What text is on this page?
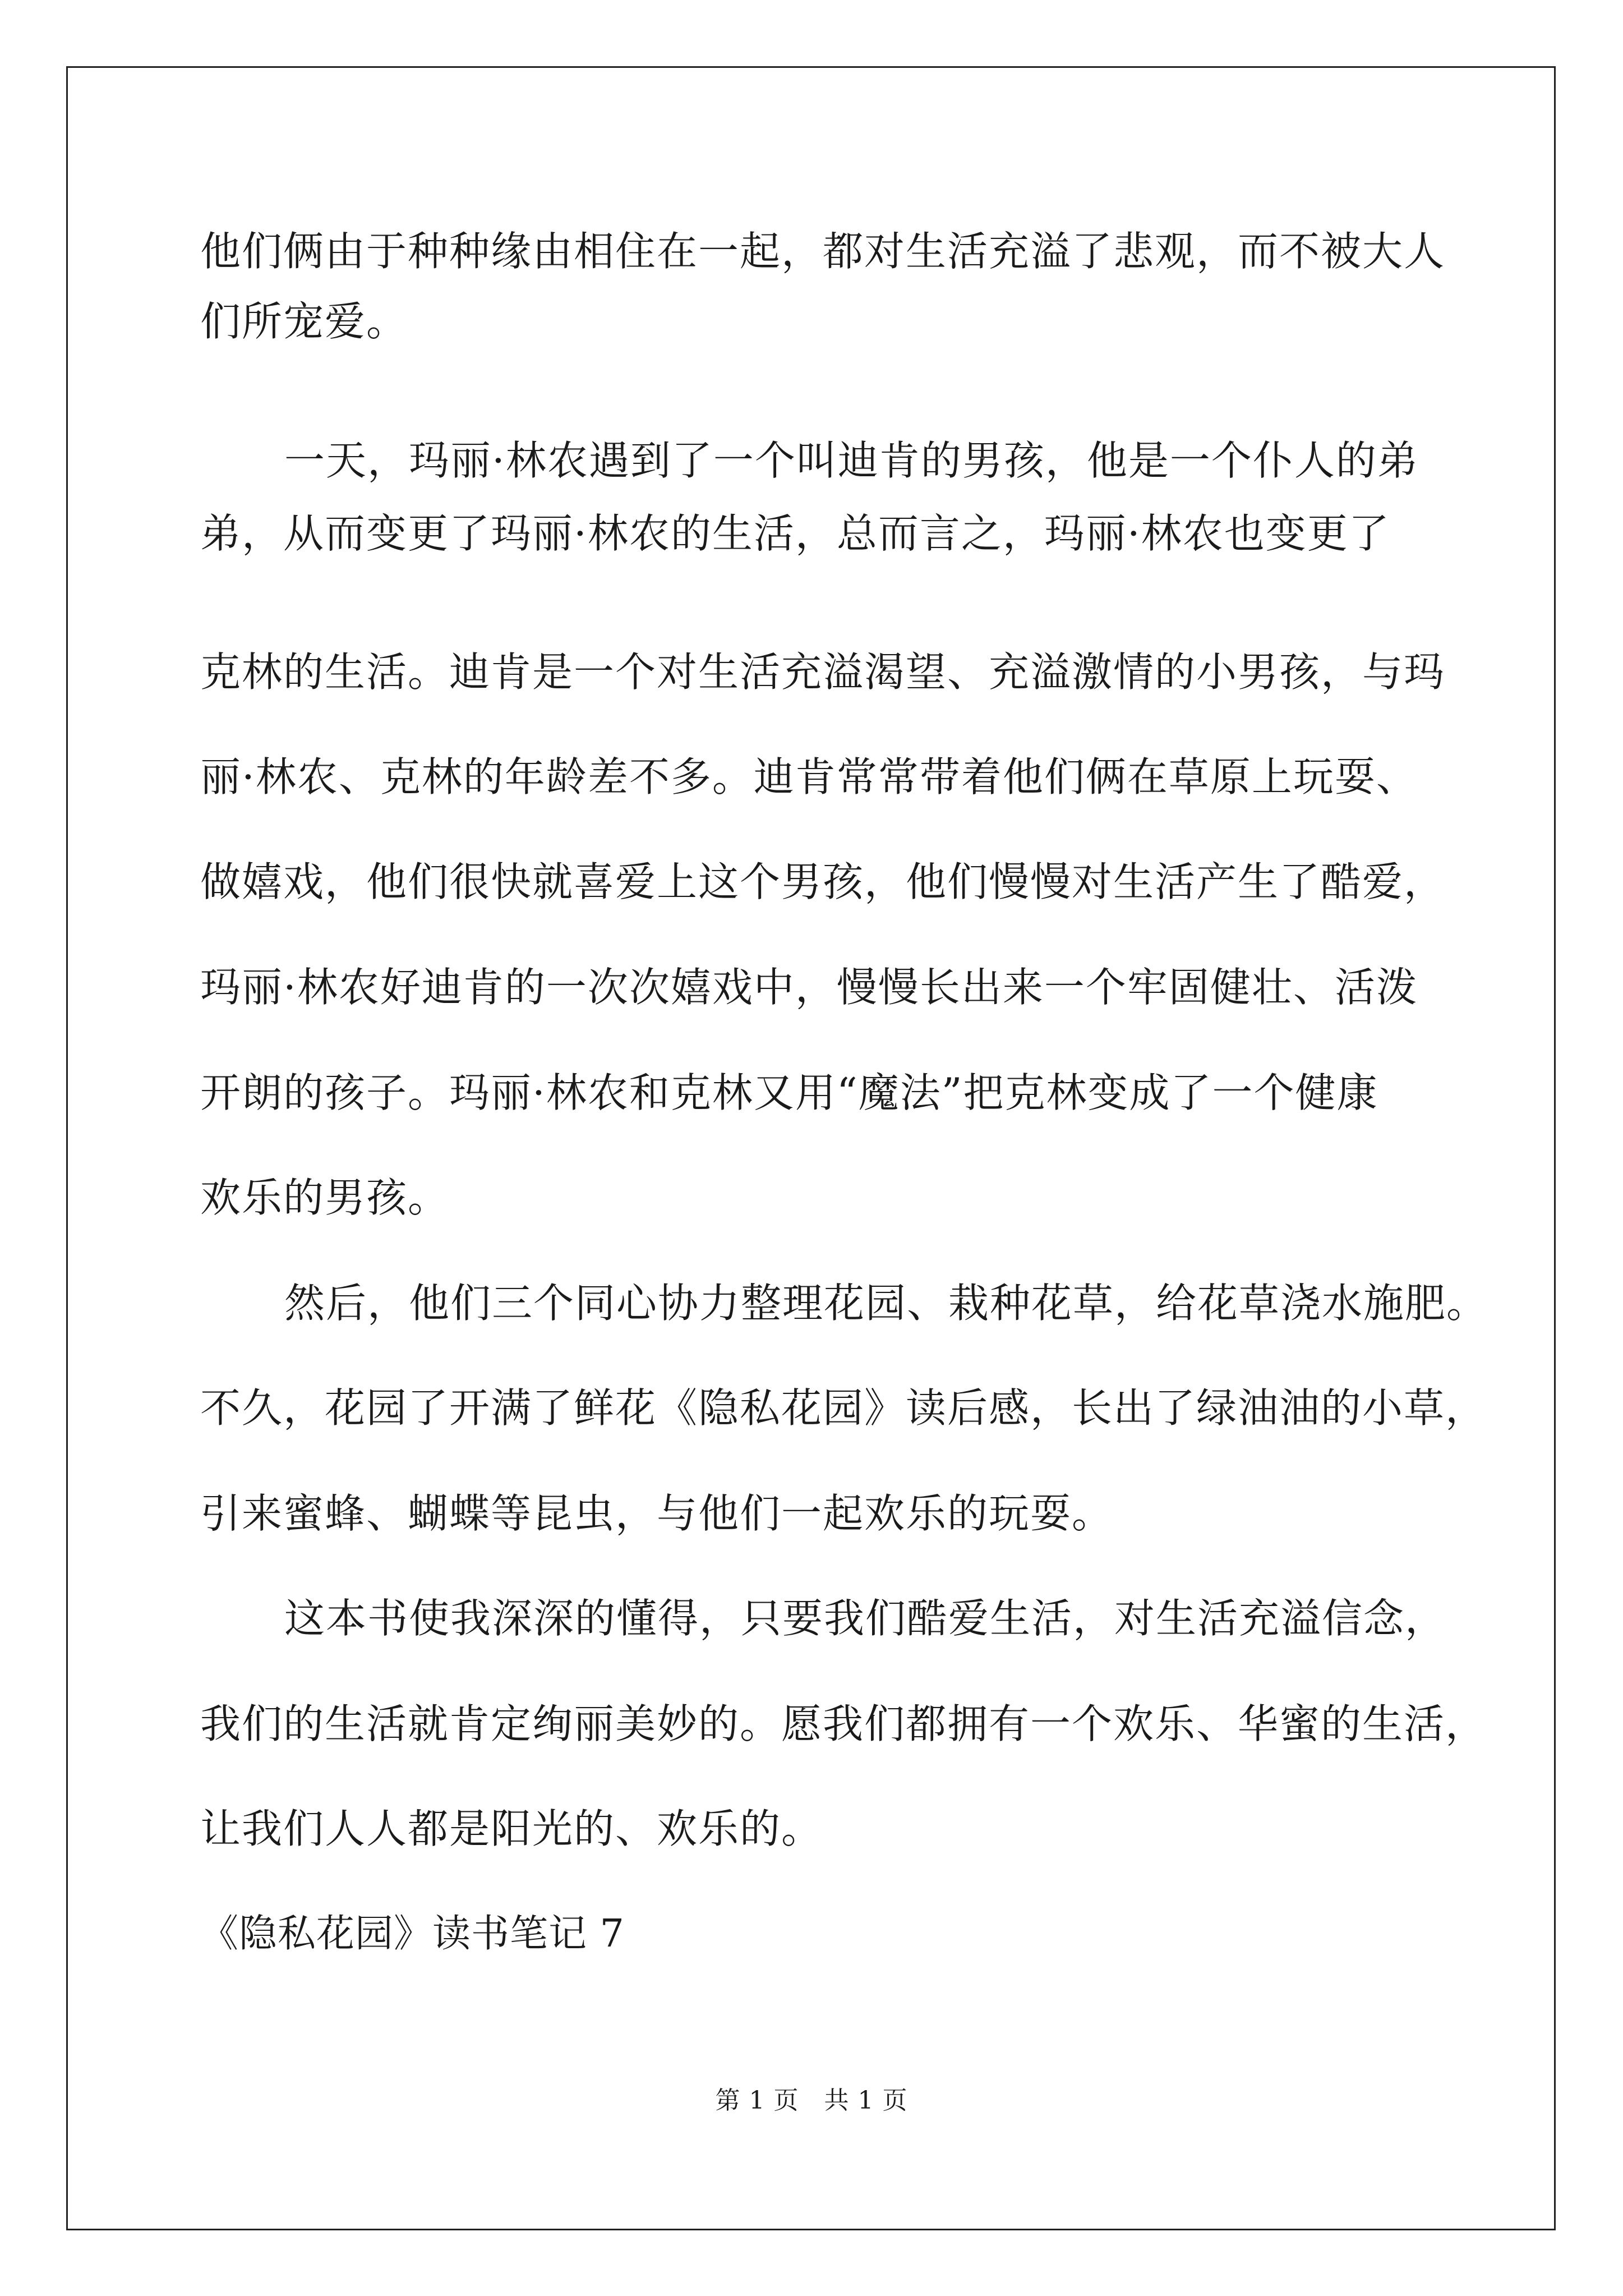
他们俩由于种种缘由相住在一起，都对生活充溢了悲观，而不被大人
们所宠爱。
一天，玛丽·林农遇到了一个叫迪肯的男孩，他是一个仆人的弟
弟，从而变更了玛丽·林农的生活，总而言之，玛丽·林农也变更了
克林的生活。迪肯是一个对生活充溢渴望、充溢激情的小男孩，与玛
丽·林农、克林的年龄差不多。迪肯常常带着他们俩在草原上玩耍、
做嬉戏，他们很快就喜爱上这个男孩，他们慢慢对生活产生了酷爱，
玛丽·林农好迪肯的一次次嬉戏中，慢慢长出来一个牢固健壮、活泼
开朗的孩子。玛丽·林农和克林又用“魔法”把克林变成了一个健康
欢乐的男孩。
然后，他们三个同心协力整理花园、栽种花草，给花草浇水施肥。
不久，花园了开满了鲜花《隐私花园》读后感，长出了绿油油的小草，
引来蜜蜂、蝴蝶等昆虫，与他们一起欢乐的玩耍。
这本书使我深深的懂得，只要我们酷爱生活，对生活充溢信念，
我们的生活就肯定绚丽美妙的。愿我们都拥有一个欢乐、华蜜的生活，
让我们人人都是阳光的、欢乐的。
《隐私花园》读书笔记 7
第 1 页　共 1 页
